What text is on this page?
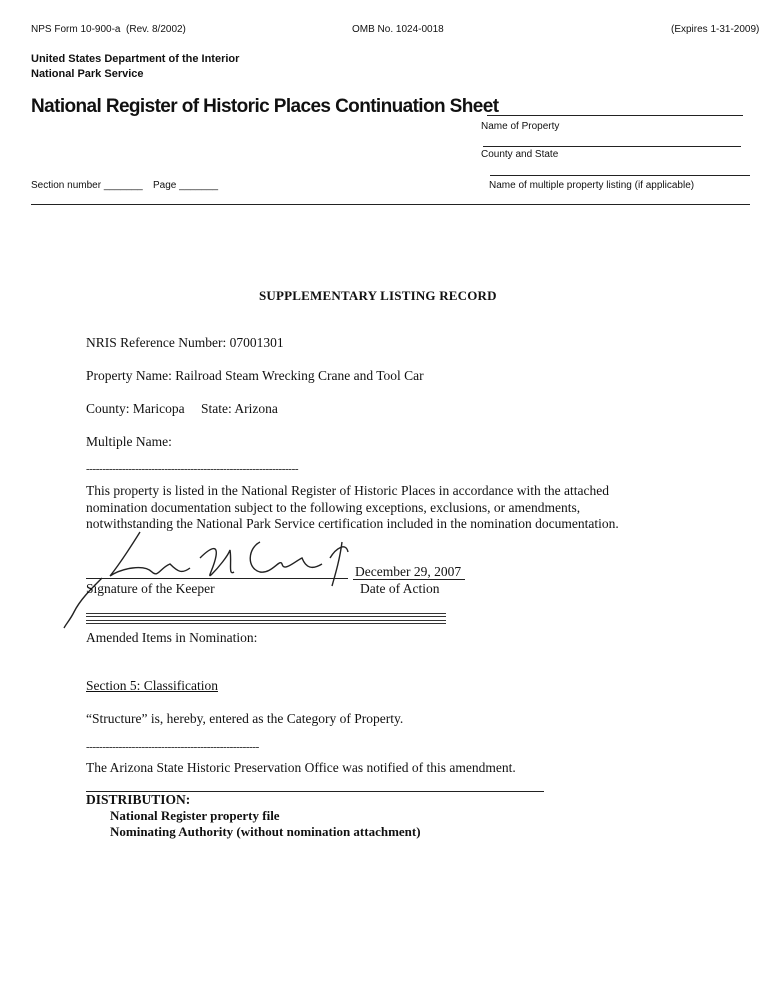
NPS Form 10-900-a (Rev. 8/2002)	OMB No. 1024-0018	(Expires 1-31-2009)
United States Department of the Interior
National Park Service
National Register of Historic Places Continuation Sheet
Name of Property
County and State
Name of multiple property listing (if applicable)
Section number _______ Page _______
SUPPLEMENTARY LISTING RECORD
NRIS Reference Number: 07001301
Property Name: Railroad Steam Wrecking Crane and Tool Car
County: Maricopa State: Arizona
Multiple Name:
-----------------------------------------------------------------
This property is listed in the National Register of Historic Places in accordance with the attached nomination documentation subject to the following exceptions, exclusions, or amendments, notwithstanding the National Park Service certification included in the nomination documentation.
Signature of the Keeper
December 29, 2007
Date of Action
Amended Items in Nomination:
Section 5: Classification
“Structure” is, hereby, entered as the Category of Property.
-----------------------------------------------------
The Arizona State Historic Preservation Office was notified of this amendment.
DISTRIBUTION:
National Register property file
Nominating Authority (without nomination attachment)
